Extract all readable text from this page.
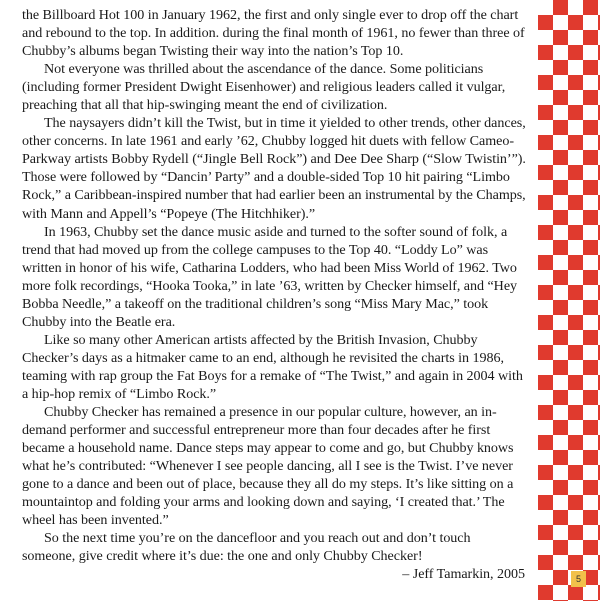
the Billboard Hot 100 in January 1962, the first and only single ever to drop off the chart and rebound to the top. In addition. during the final month of 1961, no fewer than three of Chubby’s albums began Twisting their way into the nation’s Top 10.

Not everyone was thrilled about the ascendance of the dance. Some politicians (including former President Dwight Eisenhower) and religious leaders called it vulgar, preaching that all that hip-swinging meant the end of civilization.

The naysayers didn’t kill the Twist, but in time it yielded to other trends, other dances, other concerns. In late 1961 and early ’62, Chubby logged hit duets with fellow Cameo-Parkway artists Bobby Rydell (“Jingle Bell Rock”) and Dee Dee Sharp (“Slow Twistin’”). Those were followed by “Dancin’ Party” and a double-sided Top 10 hit pairing “Limbo Rock,” a Caribbean-inspired number that had earlier been an instrumental by the Champs, with Mann and Appell’s “Popeye (The Hitchhiker).”

In 1963, Chubby set the dance music aside and turned to the softer sound of folk, a trend that had moved up from the college campuses to the Top 40. “Loddy Lo” was written in honor of his wife, Catharina Lodders, who had been Miss World of 1962. Two more folk recordings, “Hooka Tooka,” in late ’63, written by Checker himself, and “Hey Bobba Needle,” a takeoff on the traditional children’s song “Miss Mary Mac,” took Chubby into the Beatle era.

Like so many other American artists affected by the British Invasion, Chubby Checker’s days as a hitmaker came to an end, although he revisited the charts in 1986, teaming with rap group the Fat Boys for a remake of “The Twist,” and again in 2004 with a hip-hop remix of “Limbo Rock.”

Chubby Checker has remained a presence in our popular culture, however, an in-demand performer and successful entrepreneur more than four decades after he first became a household name. Dance steps may appear to come and go, but Chubby knows what he’s contributed: “Whenever I see people dancing, all I see is the Twist. I’ve never gone to a dance and been out of place, because they all do my steps. It’s like sitting on a mountaintop and folding your arms and looking down and saying, ‘I created that.’ The wheel has been invented.”

So the next time you’re on the dancefloor and you reach out and don’t touch someone, give credit where it’s due: the one and only Chubby Checker!

– Jeff Tamarkin, 2005	5
